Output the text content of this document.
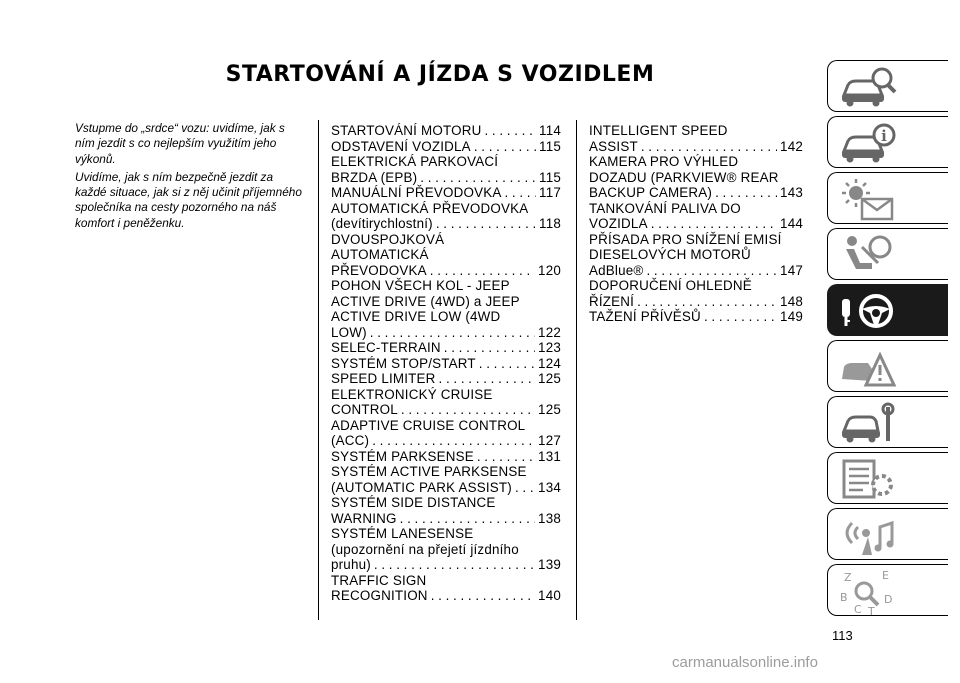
STARTOVÁNÍ A JÍZDA S VOZIDLEM

Vstupme do „srdce“ vozu: uvidíme, jak s ním jezdit s co nejlepším využitím jeho výkonů.

Uvidíme, jak s ním bezpečně jezdit za každé situace, jak si z něj učinit příjemného společníka na cesty pozorného na náš komfort i peněženku.

STARTOVÁNÍ MOTORU . . .	114
ODSTAVENÍ VOZIDLA . . .	115
ELEKTRICKÁ PARKOVACÍ
BRZDA (EPB) . . .	115
MANUÁLNÍ PŘEVODOVKA . . .	117
AUTOMATICKÁ PŘEVODOVKA
(devítirychlostní) . . .	118
DVOUSPOJKOVÁ
AUTOMATICKÁ
PŘEVODOVKA . . .	120
POHON VŠECH KOL - JEEP
ACTIVE DRIVE (4WD) a JEEP
ACTIVE DRIVE LOW (4WD
LOW) . . .	122
SELEC-TERRAIN . . .	123
SYSTÉM STOP/START . . .	124
SPEED LIMITER . . .	125
ELEKTRONICKÝ CRUISE
CONTROL . . .	125
ADAPTIVE CRUISE CONTROL
(ACC) . . .	127
SYSTÉM PARKSENSE . . .	131
SYSTÉM ACTIVE PARKSENSE
(AUTOMATIC PARK ASSIST) . . . 134
SYSTÉM SIDE DISTANCE
WARNING . . .	138
SYSTÉM LANESENSE
(upozornění na přejetí jízdního
pruhu) . . .	139
TRAFFIC SIGN
RECOGNITION . . .	140
INTELLIGENT SPEED
ASSIST . . .	142
KAMERA PRO VÝHLED
DOZADU (PARKVIEW® REAR
BACKUP CAMERA) . . .	143
TANKOVÁNÍ PALIVA DO
VOZIDLA . . .	144
PŘÍSADA PRO SNÍŽENÍ EMISÍ
DIESELOVÝCH MOTORŮ
AdBlue® . . .	147
DOPORUČENÍ OHLEDNĚ
ŘÍZENÍ . . .	148
TAŽENÍ PŘÍVĚSŮ . . .	149
i
Z	E BC TD
113
carmanualsonline.info
